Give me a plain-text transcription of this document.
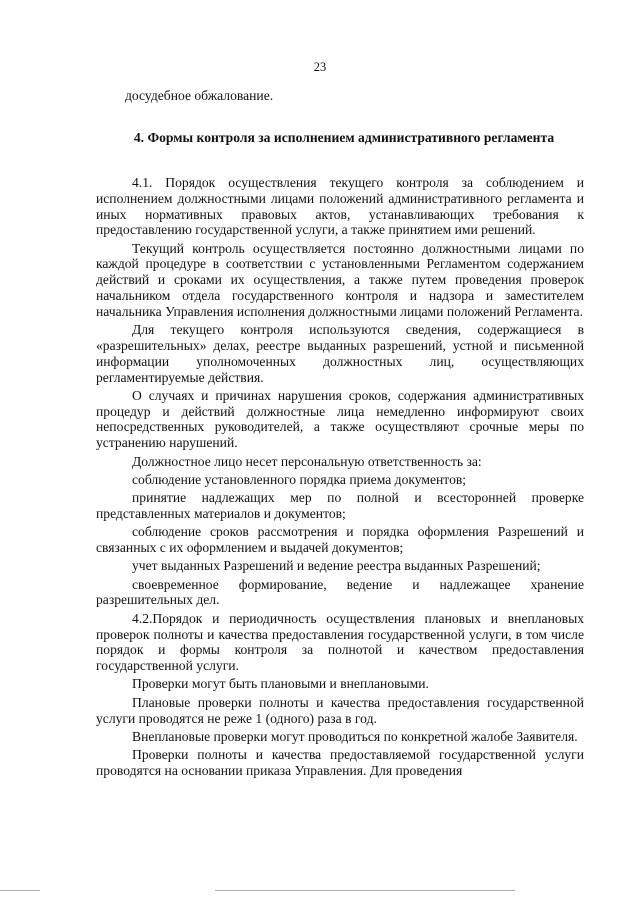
23
досудебное обжалование.
4. Формы контроля за исполнением административного регламента

4.1. Порядок осуществления текущего контроля за соблюдением и исполнением должностными лицами положений административного регламента и иных нормативных правовых актов, устанавливающих требования к предоставлению государственной услуги, а также принятием ими решений.

Текущий контроль осуществляется постоянно должностными лицами по каждой процедуре в соответствии с установленными Регламентом содержанием действий и сроками их осуществления, а также путем проведения проверок начальником отдела государственного контроля и надзора и заместителем начальника Управления исполнения должностными лицами положений Регламента.

Для текущего контроля используются сведения, содержащиеся в «разрешительных» делах, реестре выданных разрешений, устной и письменной информации уполномоченных должностных лиц, осуществляющих регламентируемые действия.

О случаях и причинах нарушения сроков, содержания административных процедур и действий должностные лица немедленно информируют своих непосредственных руководителей, а также осуществляют срочные меры по устранению нарушений.

Должностное лицо несет персональную ответственность за:

соблюдение установленного порядка приема документов;

принятие надлежащих мер по полной и всесторонней проверке представленных материалов и документов;

соблюдение сроков рассмотрения и порядка оформления Разрешений и связанных с их оформлением и выдачей документов;

учет выданных Разрешений и ведение реестра выданных Разрешений;

своевременное формирование, ведение и надлежащее хранение разрешительных дел.

4.2.Порядок и периодичность осуществления плановых и внеплановых проверок полноты и качества предоставления государственной услуги, в том числе порядок и формы контроля за полнотой и качеством предоставления государственной услуги.

Проверки могут быть плановыми и внеплановыми.

Плановые проверки полноты и качества предоставления государственной услуги проводятся не реже 1 (одного) раза в год.

Внеплановые проверки могут проводиться по конкретной жалобе Заявителя.

Проверки полноты и качества предоставляемой государственной услуги проводятся на основании приказа Управления. Для проведения
